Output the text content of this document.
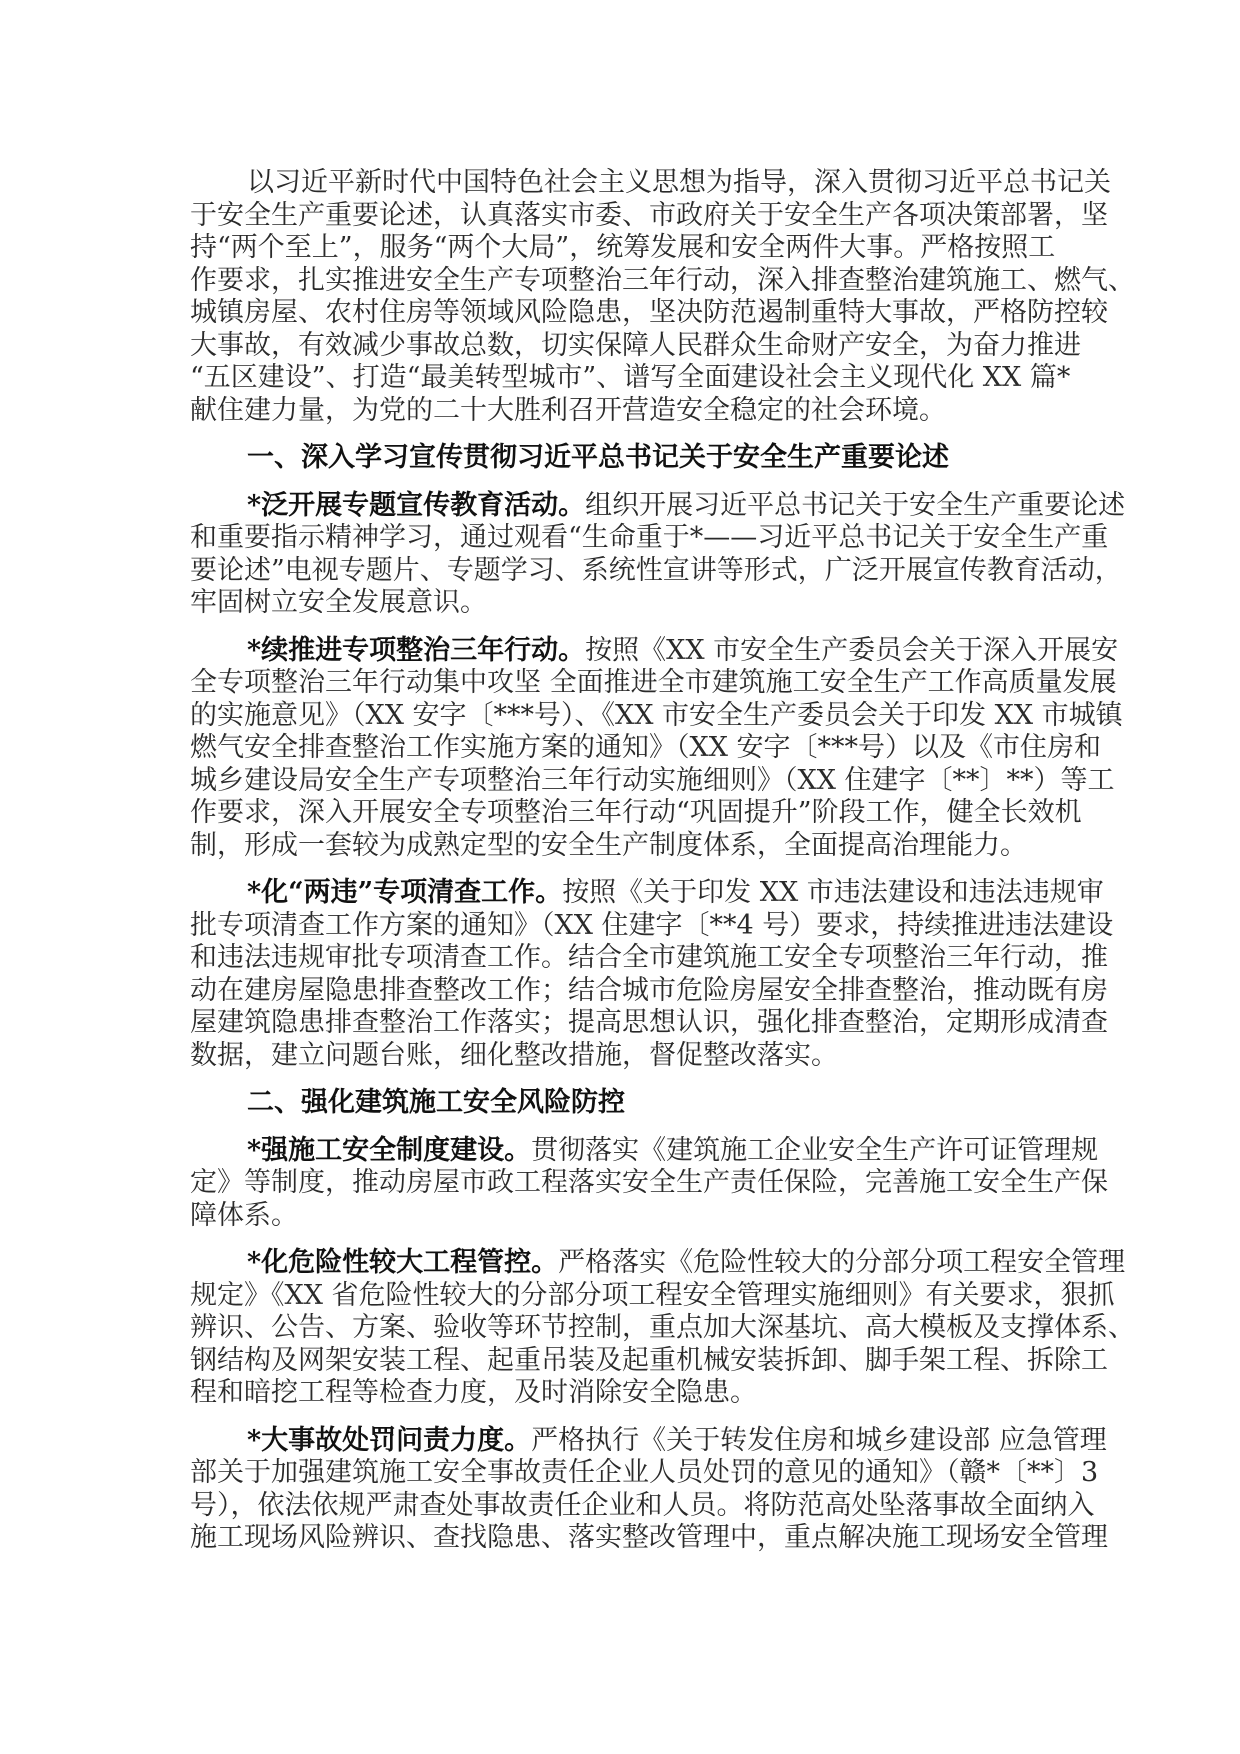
以习近平新时代中国特色社会主义思想为指导，深入贯彻习近平总书记关
于安全生产重要论述，认真落实市委、市政府关于安全生产各项决策部署，坚
持“两个至上”，服务“两个大局”，统筹发展和安全两件大事。严格按照工
作要求，扎实推进安全生产专项整治三年行动，深入排查整治建筑施工、燃气、
城镇房屋、农村住房等领域风险隐患，坚决防范遏制重特大事故，严格防控较
大事故，有效减少事故总数，切实保障人民群众生命财产安全，为奋力推进
“五区建设”、打造“最美转型城市”、谱写全面建设社会主义现代化 XX 篇*
献住建力量，为党的二十大胜利召开营造安全稳定的社会环境。
一、深入学习宣传贯彻习近平总书记关于安全生产重要论述
*泛开展专题宣传教育活动。组织开展习近平总书记关于安全生产重要论述
和重要指示精神学习，通过观看“生命重于*——习近平总书记关于安全生产重
要论述”电视专题片、专题学习、系统性宣讲等形式，广泛开展宣传教育活动，
牢固树立安全发展意识。
*续推进专项整治三年行动。按照《XX 市安全生产委员会关于深入开展安
全专项整治三年行动集中攻坚 全面推进全市建筑施工安全生产工作高质量发展
的实施意见》（XX 安字〔***号）、《XX 市安全生产委员会关于印发 XX 市城镇
燃气安全排查整治工作实施方案的通知》（XX 安字〔***号）以及《市住房和
城乡建设局安全生产专项整治三年行动实施细则》（XX 住建字〔**〕**）等工
作要求，深入开展安全专项整治三年行动“巩固提升”阶段工作，健全长效机
制，形成一套较为成熟定型的安全生产制度体系，全面提高治理能力。
*化“两违”专项清查工作。按照《关于印发 XX 市违法建设和违法违规审
批专项清查工作方案的通知》（XX 住建字〔**4 号）要求，持续推进违法建设
和违法违规审批专项清查工作。结合全市建筑施工安全专项整治三年行动，推
动在建房屋隐患排查整改工作；结合城市危险房屋安全排查整治，推动既有房
屋建筑隐患排查整治工作落实；提高思想认识，强化排查整治，定期形成清查
数据，建立问题台账，细化整改措施，督促整改落实。
二、强化建筑施工安全风险防控
*强施工安全制度建设。贯彻落实《建筑施工企业安全生产许可证管理规
定》等制度，推动房屋市政工程落实安全生产责任保险，完善施工安全生产保
障体系。
*化危险性较大工程管控。严格落实《危险性较大的分部分项工程安全管理
规定》《XX 省危险性较大的分部分项工程安全管理实施细则》有关要求，狠抓
辨识、公告、方案、验收等环节控制，重点加大深基坑、高大模板及支撑体系、
钢结构及网架安装工程、起重吊装及起重机械安装拆卸、脚手架工程、拆除工
程和暗挖工程等检查力度，及时消除安全隐患。
*大事故处罚问责力度。严格执行《关于转发住房和城乡建设部 应急管理
部关于加强建筑施工安全事故责任企业人员处罚的意见的通知》（赣*〔**〕3
号），依法依规严肃查处事故责任企业和人员。将防范高处坠落事故全面纳入
施工现场风险辨识、查找隐患、落实整改管理中，重点解决施工现场安全管理
